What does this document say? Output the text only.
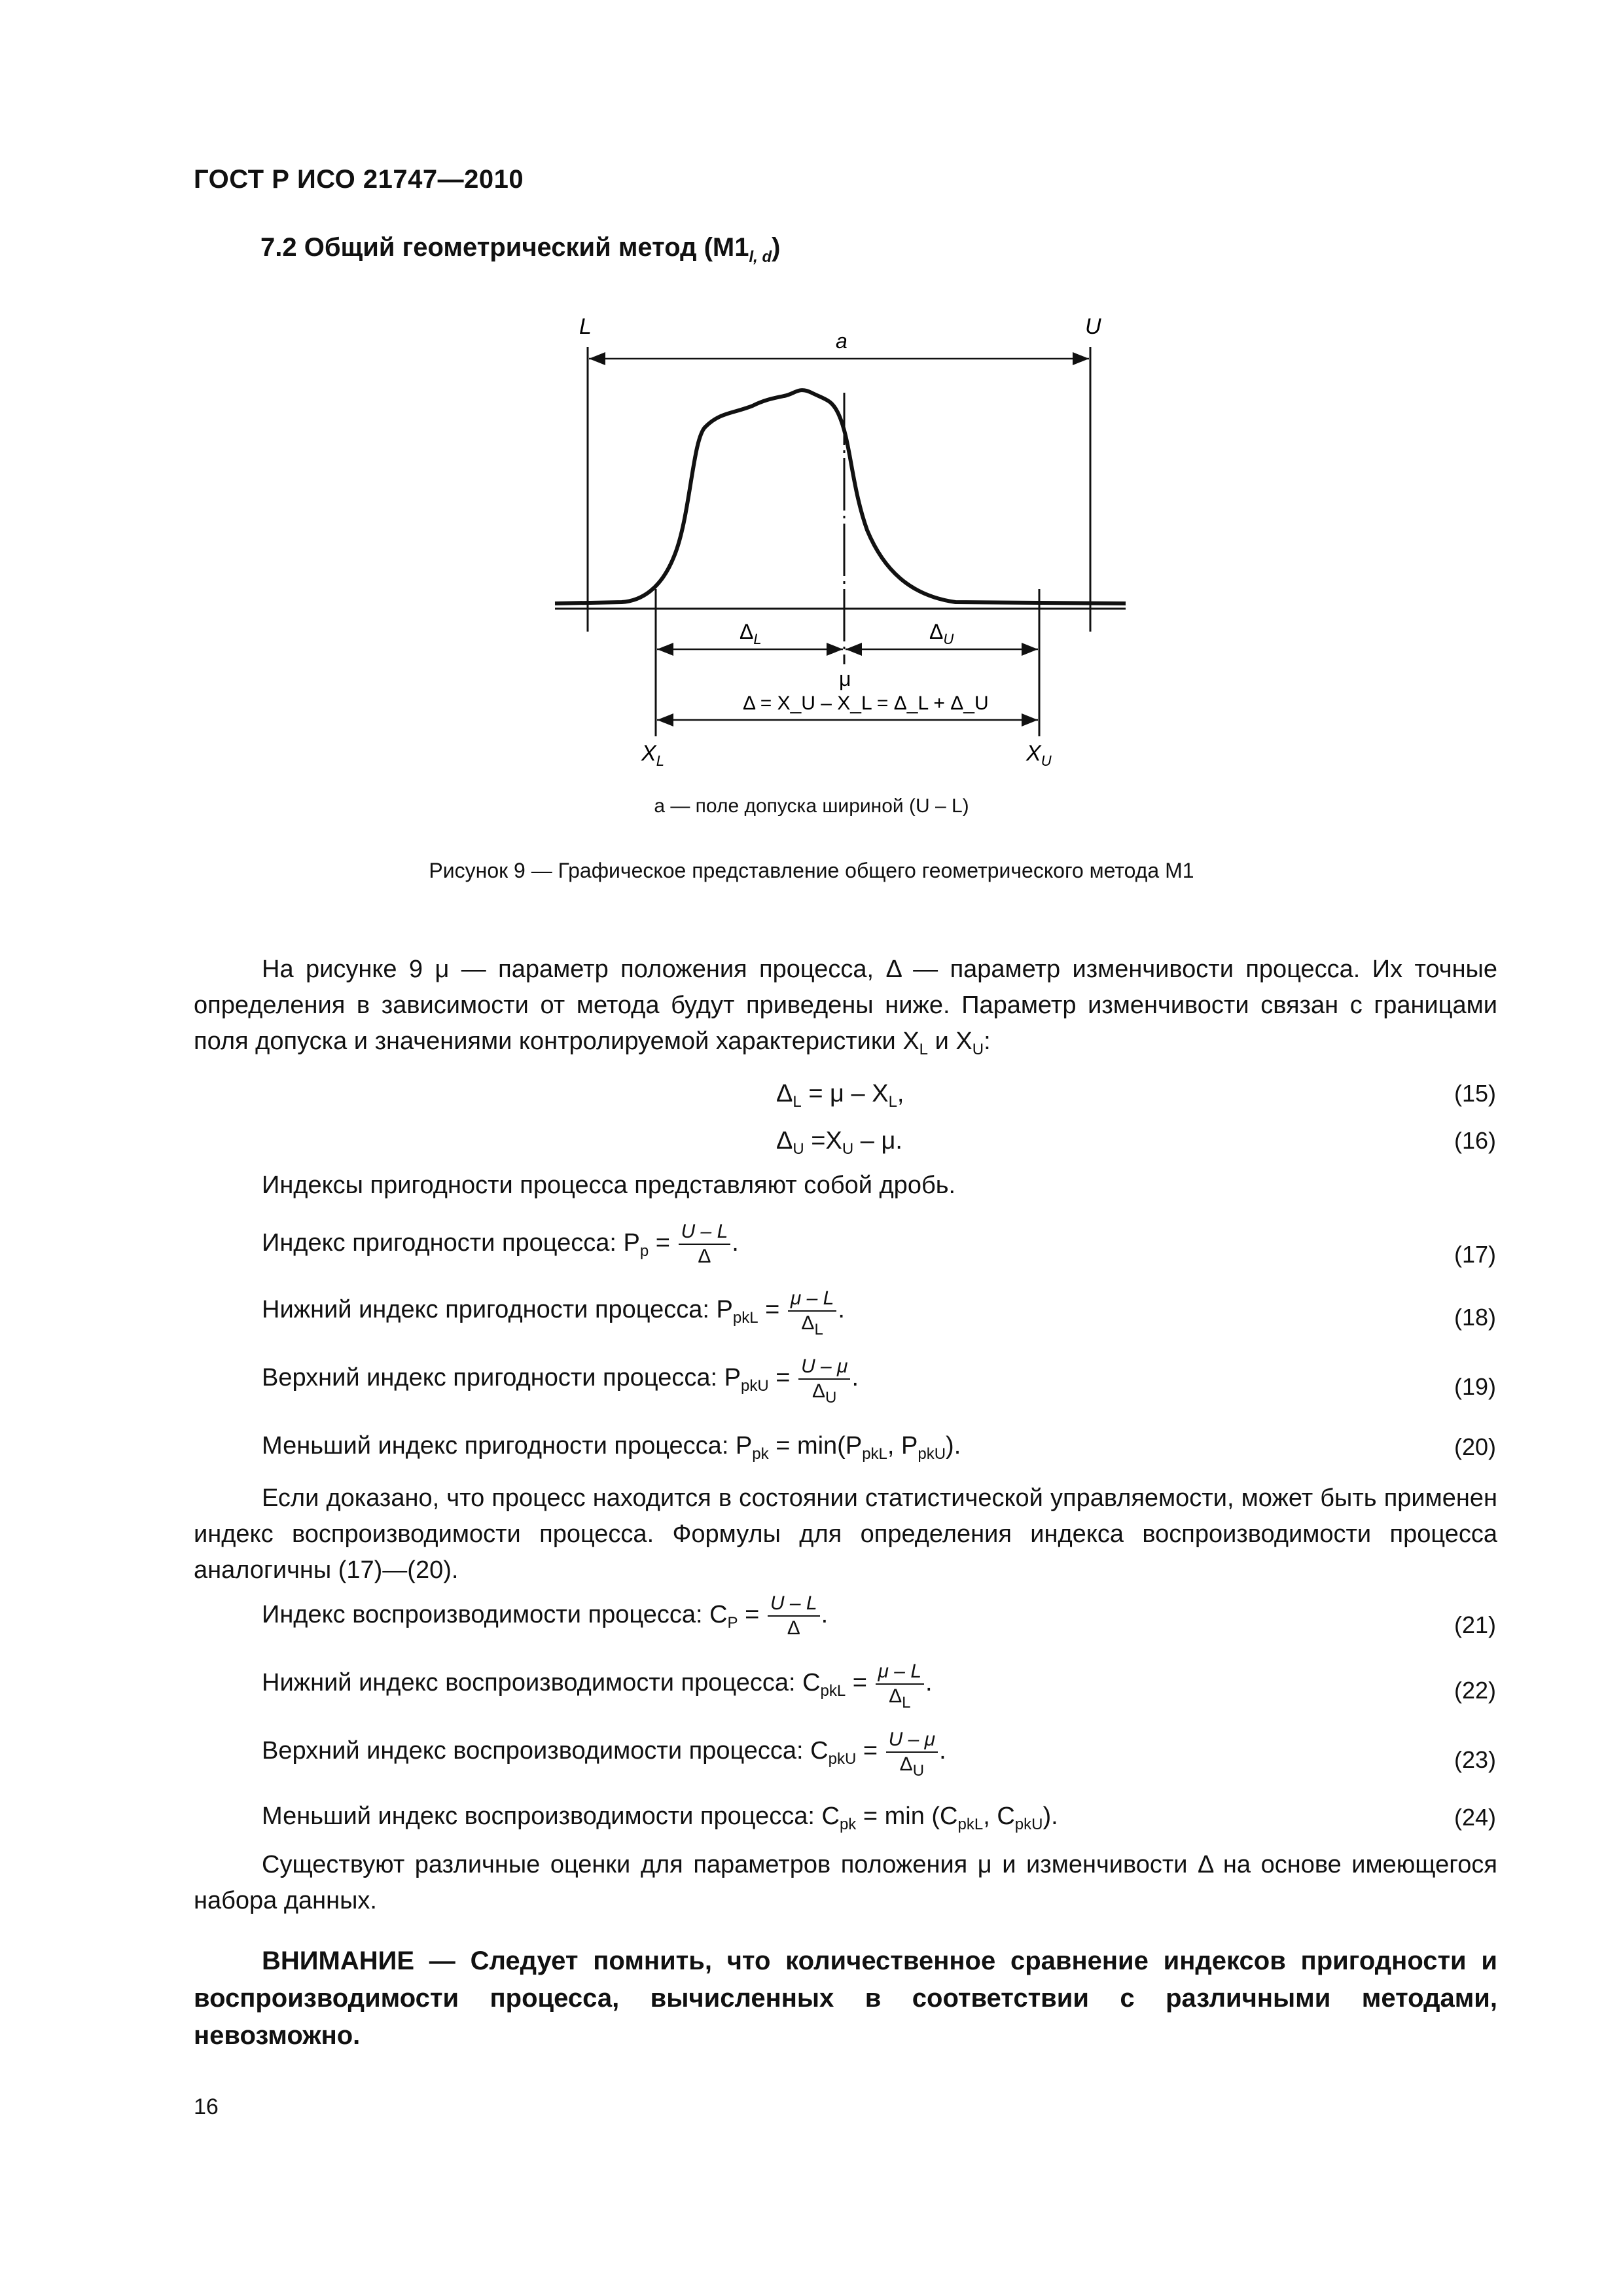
ГОСТ Р ИСО 21747—2010
7.2 Общий геометрический метод $(М1_{l, d})$
L	U
a
$\Delta_L$	$\Delta_U$
μ
Δ = X_U – X_L = Δ_L + Δ_U
$X_L$	$X_U$
a — поле допуска шириной (U – L)
Рисунок 9 — Графическое представление общего геометрического метода М1
На рисунке 9 μ — параметр положения процесса, Δ — параметр изменчивости процесса. Их точные определения в зависимости от метода будут приведены ниже. Параметр изменчивости связан с границами поля допуска и значениями контролируемой характеристики $X_L$ и $X_U$:
$\Delta_L = \mu - X_L$,	(15)
$\Delta_U =X_U - \mu$.	(16)
Индексы пригодности процесса представляют собой дробь.
Индекс пригодности процесса: $P_p = \frac{U - L}{\Delta}$ .	(17)
Нижний индекс пригодности процесса: $P_{pkL} = \frac{\mu - L}{\Delta_L}$ .	(18)
Верхний индекс пригодности процесса: $P_{pkU} = \frac{U - \mu}{\Delta_U}$ .	(19)
Меньший индекс пригодности процесса: $P_{pk} = \min(P_{pkL}$, $P_{pkU}$).	(20)
Если доказано, что процесс находится в состоянии статистической управляемости, может быть применен индекс воспроизводимости процесса. Формулы для определения индекса воспроизводимости процесса аналогичны (17)—(20).
Индекс воспроизводимости процесса: $C_P = \frac{U - L}{\Delta}$ .	(21)
Нижний индекс воспроизводимости процесса: $C_{pkL} = \frac{\mu - L}{\Delta_L}$ .	(22)
Верхний индекс воспроизводимости процесса: $C_{pkU} = \frac{U - \mu}{\Delta_U}$ .	(23)
Меньший индекс воспроизводимости процесса: $C_{pk} = \min (C_{pkL}$, $C_{pkU}$).	(24)
Существуют различные оценки для параметров положения μ и изменчивости Δ на основе имеющегося набора данных.
ВНИМАНИЕ — Следует помнить, что количественное сравнение индексов пригодности и воспроизводимости процесса, вычисленных в соответствии с различными методами, невозможно.
16
